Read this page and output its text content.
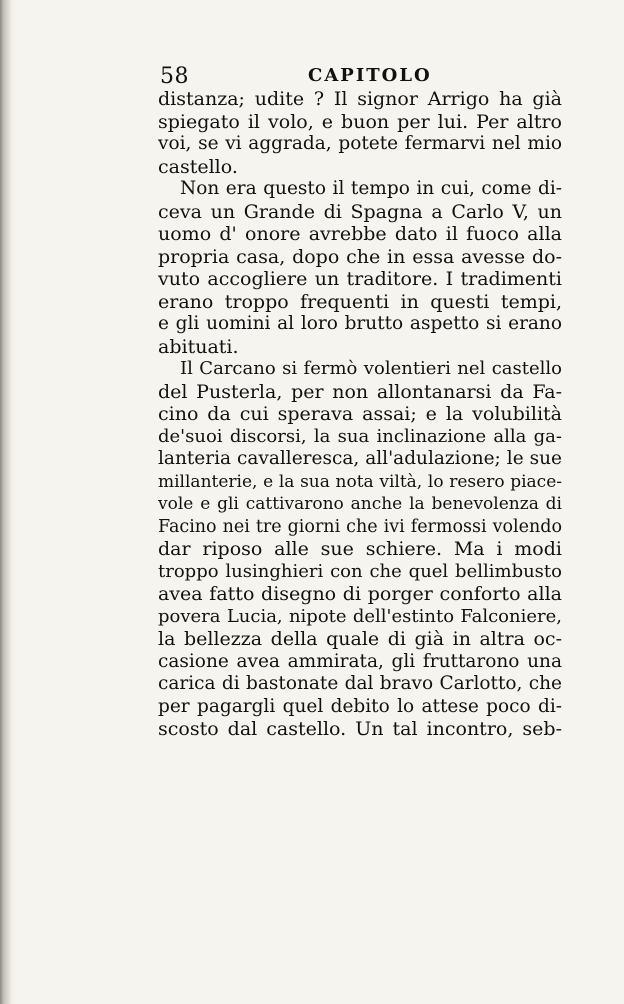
58	CAPITOLO
distanza; udite ? Il signor Arrigo ha già
spiegato il volo, e buon per lui. Per altro
voi, se vi aggrada, potete fermarvi nel mio
castello.
Non era questo il tempo in cui, come di-
ceva un Grande di Spagna a Carlo V, un
uomo d' onore avrebbe dato il fuoco alla
propria casa, dopo che in essa avesse do-
vuto accogliere un traditore. I tradimenti
erano troppo frequenti in questi tempi,
e gli uomini al loro brutto aspetto si erano
abituati.
Il Carcano si fermò volentieri nel castello
del Pusterla, per non allontanarsi da Fa-
cino da cui sperava assai; e la volubilità
de'suoi discorsi, la sua inclinazione alla ga-
lanteria cavalleresca, all'adulazione; le sue
millanterie, e la sua nota viltà, lo resero piace-
vole e gli cattivarono anche la benevolenza di
Facino nei tre giorni che ivi fermossi volendo
dar riposo alle sue schiere. Ma i modi
troppo lusinghieri con che quel bellimbusto
avea fatto disegno di porger conforto alla
povera Lucia, nipote dell'estinto Falconiere,
la bellezza della quale di già in altra oc-
casione avea ammirata, gli fruttarono una
carica di bastonate dal bravo Carlotto, che
per pagargli quel debito lo attese poco di-
scosto dal castello. Un tal incontro, seb-
